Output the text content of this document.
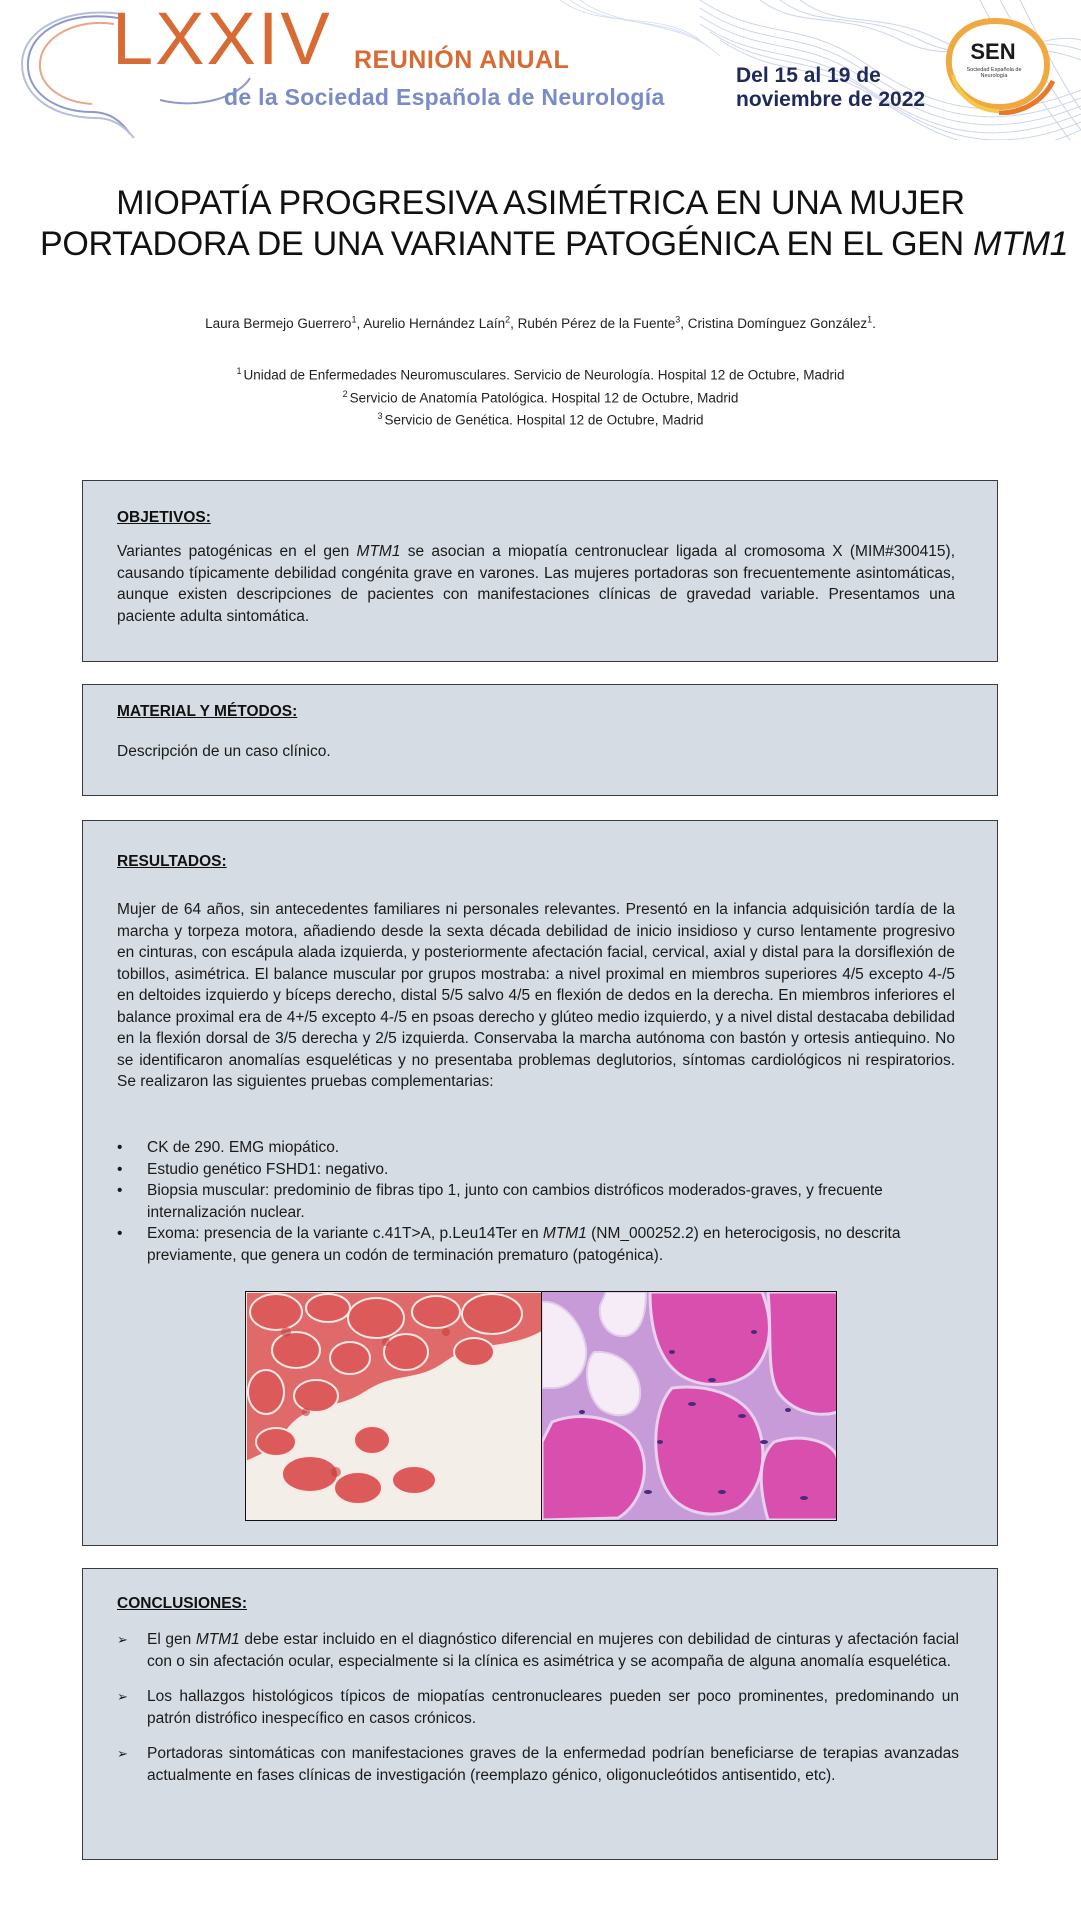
LXXIV REUNIÓN ANUAL
de la Sociedad Española de Neurología
Del 15 al 19 de
noviembre de 2022
SEN
Sociedad Española de Neurología
MIOPATÍA PROGRESIVA ASIMÉTRICA EN UNA MUJER
PORTADORA DE UNA VARIANTE PATOGÉNICA EN EL GEN MTM1
Laura Bermejo Guerrero$^1$, Aurelio Hernández Laín$^2$, Rubén Pérez de la Fuente$^3$, Cristina Domínguez González$^1$.
$^1$ Unidad de Enfermedades Neuromusculares. Servicio de Neurología. Hospital 12 de Octubre, Madrid
$^2$ Servicio de Anatomía Patológica. Hospital 12 de Octubre, Madrid
$^3$ Servicio de Genética. Hospital 12 de Octubre, Madrid
OBJETIVOS:

Variantes patogénicas en el gen MTM1 se asocian a miopatía centronuclear ligada al cromosoma X (MIM#300415), causando típicamente debilidad congénita grave en varones. Las mujeres portadoras son frecuentemente asintomáticas, aunque existen descripciones de pacientes con manifestaciones clínicas de gravedad variable. Presentamos una paciente adulta sintomática.

MATERIAL Y MÉTODOS:

Descripción de un caso clínico.

RESULTADOS:

Mujer de 64 años, sin antecedentes familiares ni personales relevantes. Presentó en la infancia adquisición tardía de la marcha y torpeza motora, añadiendo desde la sexta década debilidad de inicio insidioso y curso lentamente progresivo en cinturas, con escápula alada izquierda, y posteriormente afectación facial, cervical, axial y distal para la dorsiflexión de tobillos, asimétrica. El balance muscular por grupos mostraba: a nivel proximal en miembros superiores 4/5 excepto 4-/5 en deltoides izquierdo y bíceps derecho, distal 5/5 salvo 4/5 en flexión de dedos en la derecha. En miembros inferiores el balance proximal era de 4+/5 excepto 4-/5 en psoas derecho y glúteo medio izquierdo, y a nivel distal destacaba debilidad en la flexión dorsal de 3/5 derecha y 2/5 izquierda. Conservaba la marcha autónoma con bastón y ortesis antiequino. No se identificaron anomalías esqueléticas y no presentaba problemas deglutorios, síntomas cardiológicos ni respiratorios. Se realizaron las siguientes pruebas complementarias:

• CK de 290. EMG miopático.
• Estudio genético FSHD1: negativo.
• Biopsia muscular: predominio de fibras tipo 1, junto con cambios distróficos moderados-graves, y frecuente internalización nuclear.
• Exoma: presencia de la variante c.41T>A, p.Leu14Ter en MTM1 (NM_000252.2) en heterocigosis, no descrita previamente, que genera un codón de terminación prematuro (patogénica).
CONCLUSIONES:
➢ El gen MTM1 debe estar incluido en el diagnóstico diferencial en mujeres con debilidad de cinturas y afectación facial con o sin afectación ocular, especialmente si la clínica es asimétrica y se acompaña de alguna anomalía esquelética.
➢ Los hallazgos histológicos típicos de miopatías centronucleares pueden ser poco prominentes, predominando un patrón distrófico inespecífico en casos crónicos.
➢ Portadoras sintomáticas con manifestaciones graves de la enfermedad podrían beneficiarse de terapias avanzadas actualmente en fases clínicas de investigación (reemplazo génico, oligonucleótidos antisentido, etc).
